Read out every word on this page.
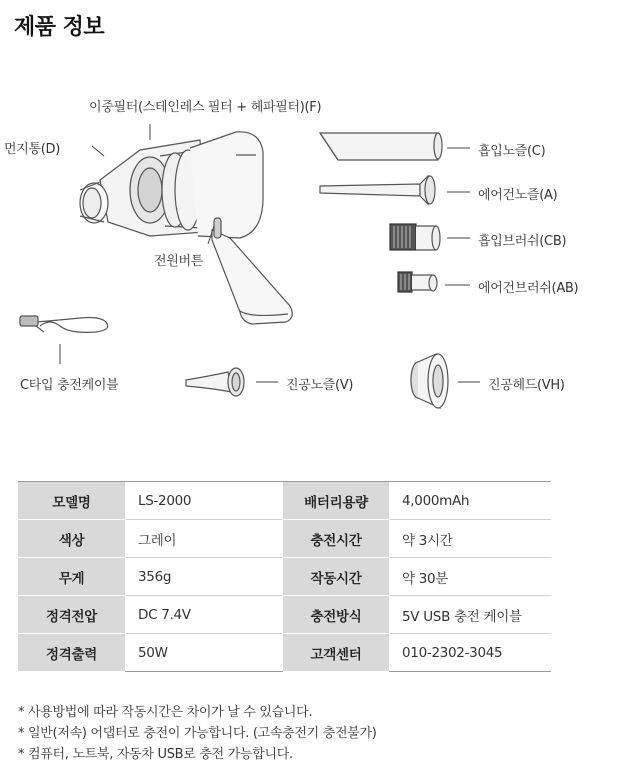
제품 정보
이중필터(스테인레스 필터 + 헤파필터)(F)
먼지통(D)
전원버튼
C타입 충전케이블
흡입노즐(C)
에어건노즐(A)
흡입브러쉬(CB)
에어건브러쉬(AB)
진공노즐(V)	진공헤드(VH)
모델명	LS-2000	배터리용량	4,000mAh
색상	그레이	충전시간	약 3시간
무게	356g	작동시간	약 30분
정격전압	DC 7.4V	충전방식	5V USB 충전 케이블
정격출력	50W	고객센터	010-2302-3045
* 사용방법에 따라 작동시간은 차이가 날 수 있습니다.
* 일반(저속) 어댑터로 충전이 가능합니다. (고속충전기 충전불가)
* 컴퓨터, 노트북, 자동차 USB로 충전 가능합니다.
